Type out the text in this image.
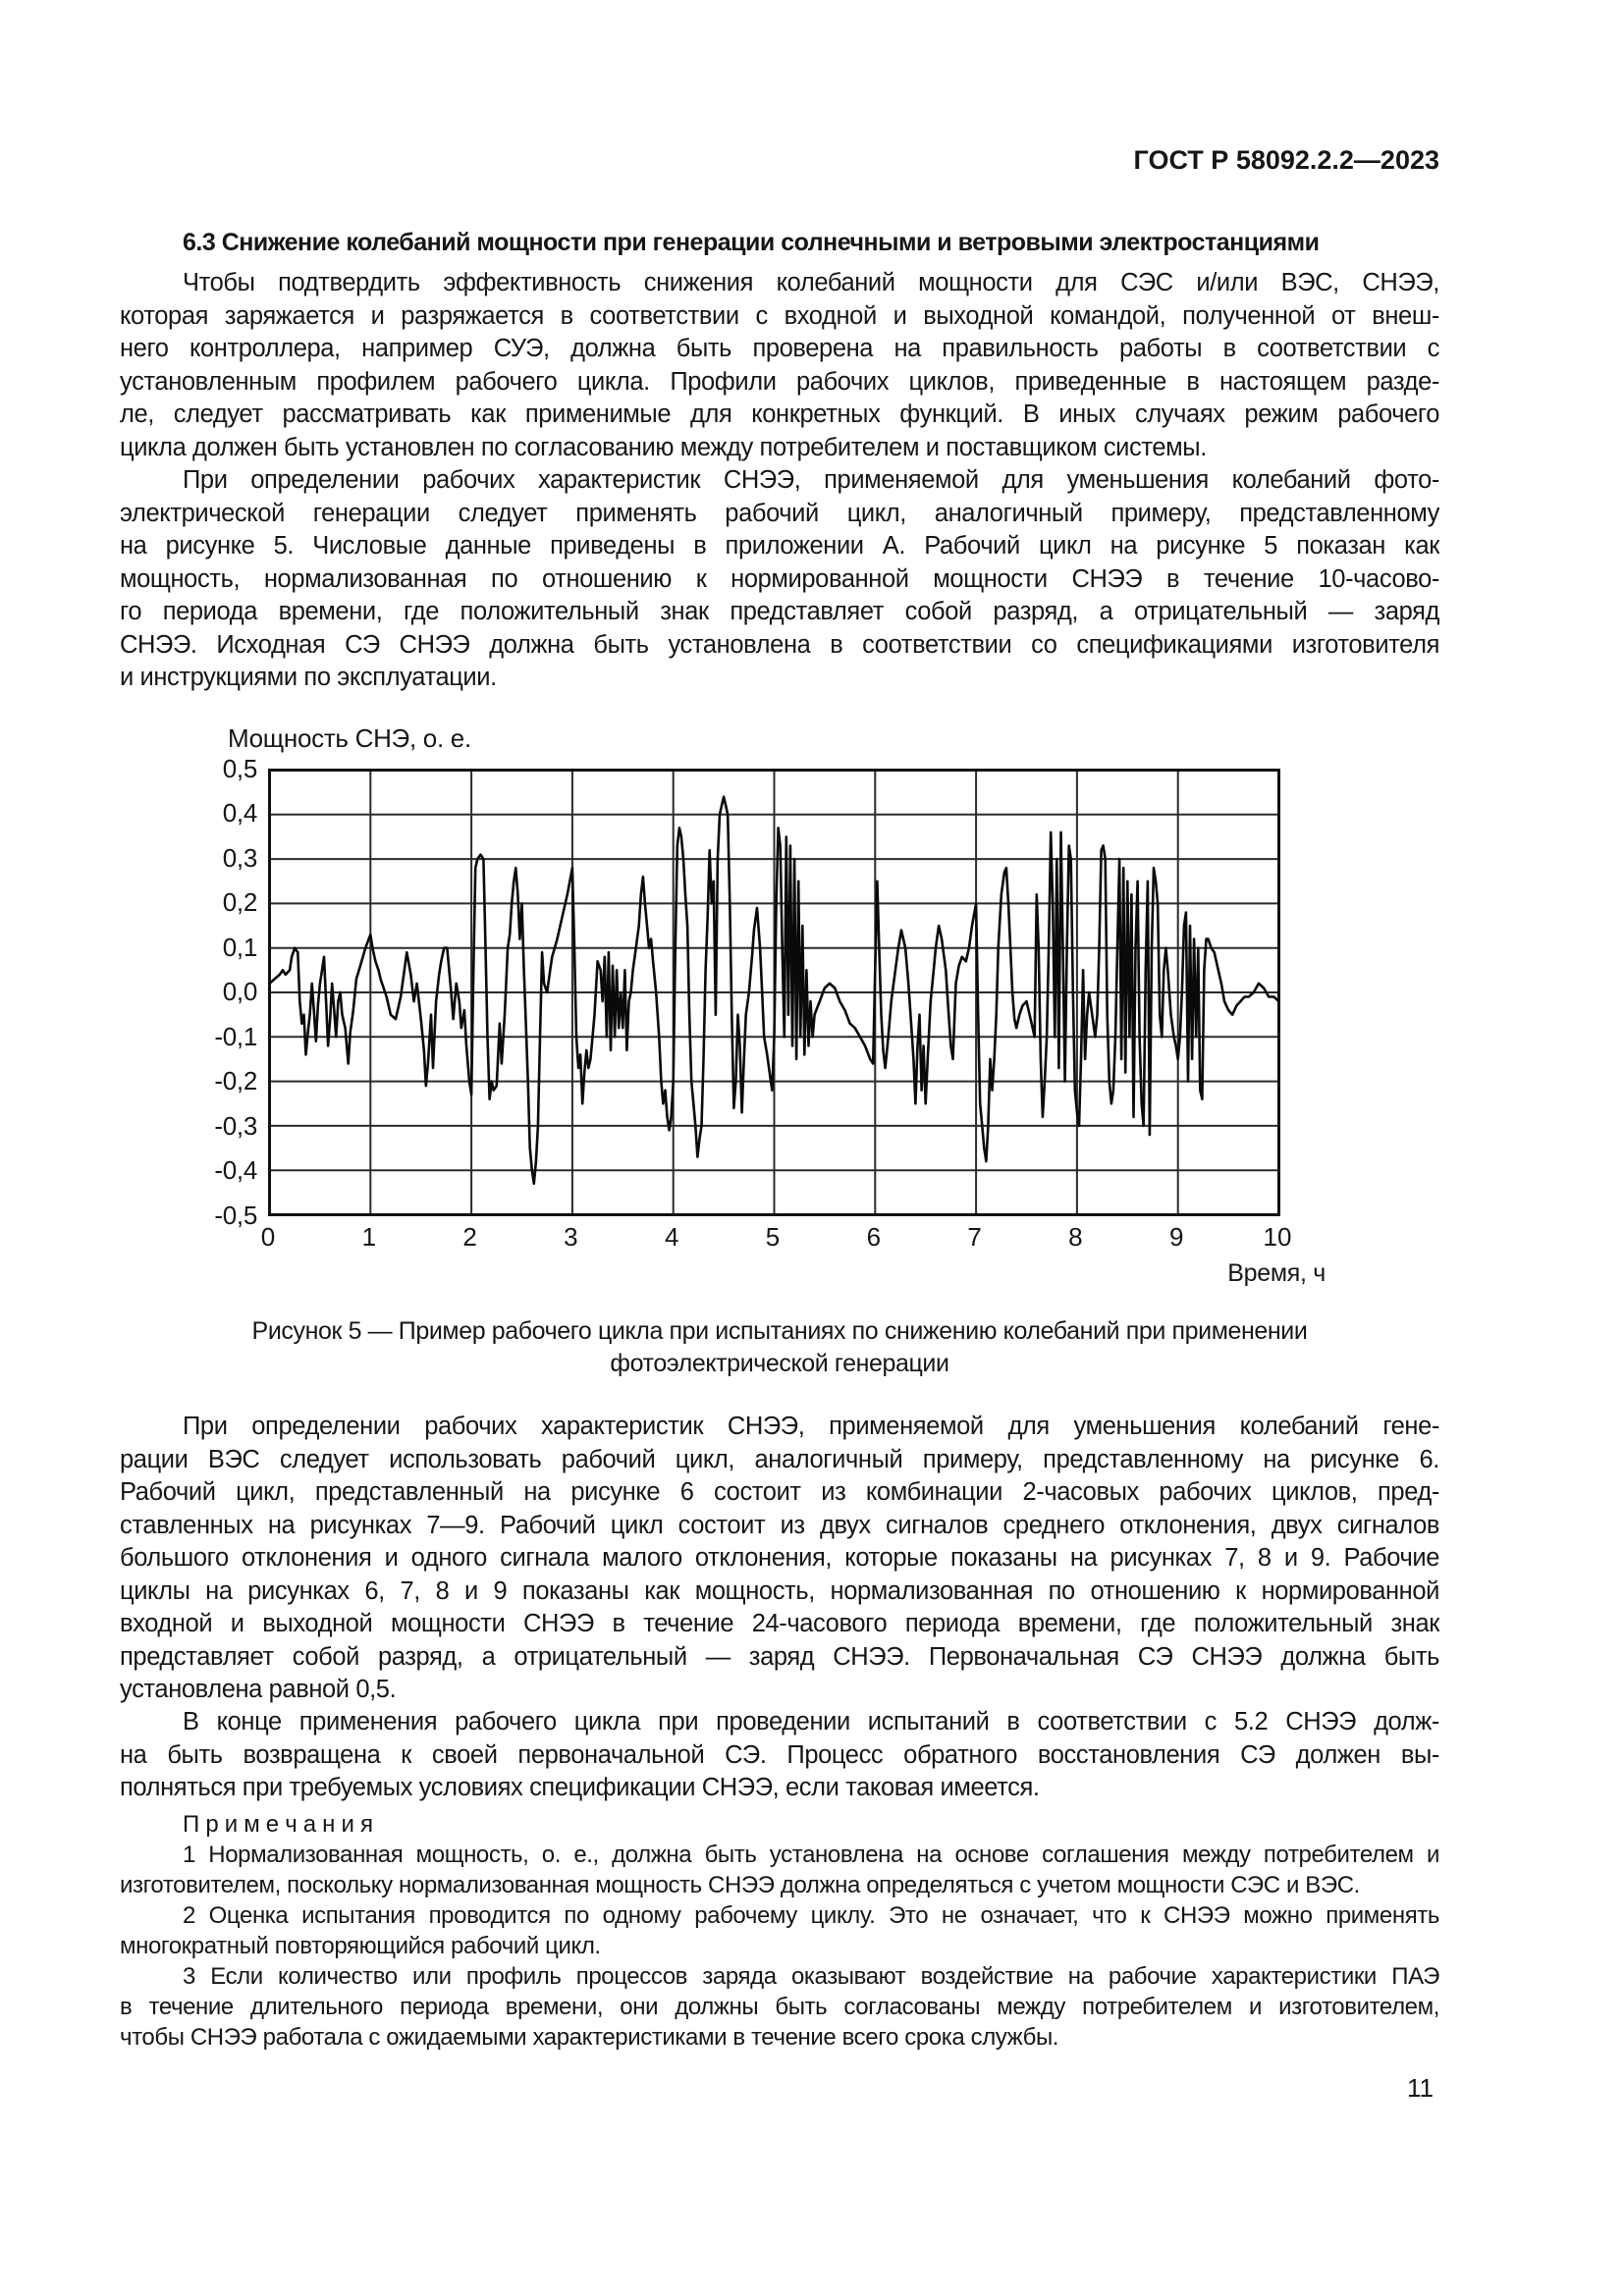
ГОСТ Р 58092.2.2—2023
6.3 Снижение колебаний мощности при генерации солнечными и ветровыми электростанциями
Чтобы подтвердить эффективность снижения колебаний мощности для СЭС и/или ВЭС, СНЭЭ,
которая заряжается и разряжается в соответствии с входной и выходной командой, полученной от внеш-
него контроллера, например СУЭ, должна быть проверена на правильность работы в соответствии с
установленным профилем рабочего цикла. Профили рабочих циклов, приведенные в настоящем разде-
ле, следует рассматривать как применимые для конкретных функций. В иных случаях режим рабочего
цикла должен быть установлен по согласованию между потребителем и поставщиком системы.
При определении рабочих характеристик СНЭЭ, применяемой для уменьшения колебаний фото-
электрической генерации следует применять рабочий цикл, аналогичный примеру, представленному
на рисунке 5. Числовые данные приведены в приложении А. Рабочий цикл на рисунке 5 показан как
мощность, нормализованная по отношению к нормированной мощности СНЭЭ в течение 10-часово-
го периода времени, где положительный знак представляет собой разряд, а отрицательный — заряд
СНЭЭ. Исходная СЭ СНЭЭ должна быть установлена в соответствии со спецификациями изготовителя
и инструкциями по эксплуатации.
Мощность СНЭ, о. е.
0,5
0,4
0,3
0,2
0,1
0,0
-0,1
-0,2
-0,3
-0,4
-0,5
0	1	2	3	4	5	6	7	8	9	10
Время, ч
Рисунок 5 — Пример рабочего цикла при испытаниях по снижению колебаний при применении
фотоэлектрической генерации
При определении рабочих характеристик СНЭЭ, применяемой для уменьшения колебаний гене-
рации ВЭС следует использовать рабочий цикл, аналогичный примеру, представленному на рисунке 6.
Рабочий цикл, представленный на рисунке 6 состоит из комбинации 2-часовых рабочих циклов, пред-
ставленных на рисунках 7—9. Рабочий цикл состоит из двух сигналов среднего отклонения, двух сигналов
большого отклонения и одного сигнала малого отклонения, которые показаны на рисунках 7, 8 и 9. Рабочие
циклы на рисунках 6, 7, 8 и 9 показаны как мощность, нормализованная по отношению к нормированной
входной и выходной мощности СНЭЭ в течение 24-часового периода времени, где положительный знак
представляет собой разряд, а отрицательный — заряд СНЭЭ. Первоначальная СЭ СНЭЭ должна быть
установлена равной 0,5.
В конце применения рабочего цикла при проведении испытаний в соответствии с 5.2 СНЭЭ долж-
на быть возвращена к своей первоначальной СЭ. Процесс обратного восстановления СЭ должен вы-
полняться при требуемых условиях спецификации СНЭЭ, если таковая имеется.
П р и м е ч а н и я
1 Нормализованная мощность, о. е., должна быть установлена на основе соглашения между потребителем и
изготовителем, поскольку нормализованная мощность СНЭЭ должна определяться с учетом мощности СЭС и ВЭС.
2 Оценка испытания проводится по одному рабочему циклу. Это не означает, что к СНЭЭ можно применять
многократный повторяющийся рабочий цикл.
3 Если количество или профиль процессов заряда оказывают воздействие на рабочие характеристики ПАЭ
в течение длительного периода времени, они должны быть согласованы между потребителем и изготовителем,
чтобы СНЭЭ работала с ожидаемыми характеристиками в течение всего срока службы.
11
